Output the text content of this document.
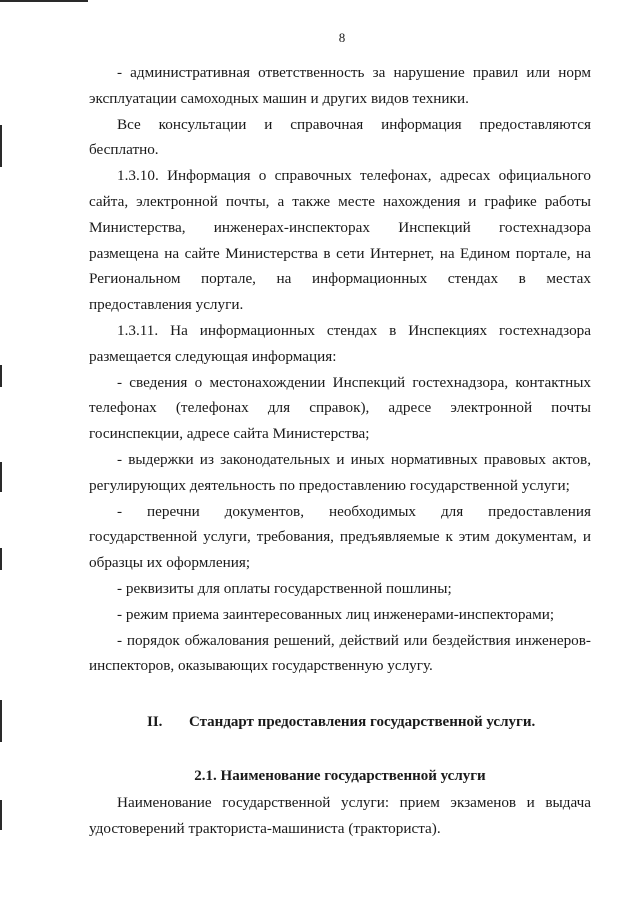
8

- административная ответственность за нарушение правил или норм эксплуатации самоходных машин и других видов техники.

Все консультации и справочная информация предоставляются бесплатно.

1.3.10. Информация о справочных телефонах, адресах официального сайта, электронной почты, а также месте нахождения и графике работы Министерства, инженерах-инспекторах Инспекций гостехнадзора размещена на сайте Министерства в сети Интернет, на Едином портале, на Региональном портале, на информационных стендах в местах предоставления услуги.

1.3.11. На информационных стендах в Инспекциях гостехнадзора размещается следующая информация:

- сведения о местонахождении Инспекций гостехнадзора, контактных телефонах (телефонах для справок), адресе электронной почты госинспекции, адресе сайта Министерства;

- выдержки из законодательных и иных нормативных правовых актов, регулирующих деятельность по предоставлению государственной услуги;

- перечни документов, необходимых для предоставления государственной услуги, требования, предъявляемые к этим документам, и образцы их оформления;

- реквизиты для оплаты государственной пошлины;

- режим приема заинтересованных лиц инженерами-инспекторами;

- порядок обжалования решений, действий или бездействия инженеров-инспекторов, оказывающих государственную услугу.

II. Стандарт предоставления государственной услуги.
2.1. Наименование государственной услуги

Наименование государственной услуги: прием экзаменов и выдача удостоверений тракториста-машиниста (тракториста).
